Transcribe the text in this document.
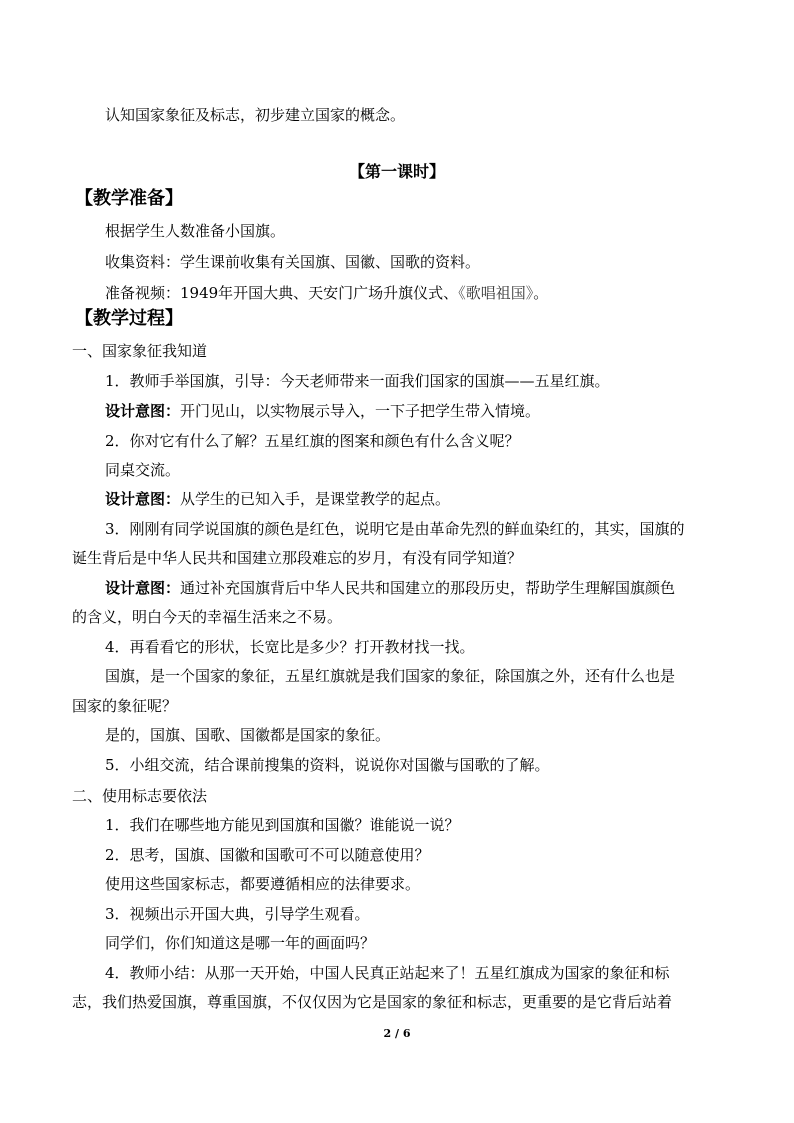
认知国家象征及标志，初步建立国家的概念。
【第一课时】
【教学准备】
根据学生人数准备小国旗。
收集资料：学生课前收集有关国旗、国徽、国歌的资料。
准备视频：1949年开国大典、天安门广场升旗仪式、《歌唱祖国》。
【教学过程】
一、国家象征我知道
1．教师手举国旗，引导：今天老师带来一面我们国家的国旗——五星红旗。
设计意图：开门见山，以实物展示导入，一下子把学生带入情境。
2．你对它有什么了解？五星红旗的图案和颜色有什么含义呢？
同桌交流。
设计意图：从学生的已知入手，是课堂教学的起点。
3．刚刚有同学说国旗的颜色是红色，说明它是由革命先烈的鲜血染红的，其实，国旗的
诞生背后是中华人民共和国建立那段难忘的岁月，有没有同学知道？
设计意图：通过补充国旗背后中华人民共和国建立的那段历史，帮助学生理解国旗颜色
的含义，明白今天的幸福生活来之不易。
4．再看看它的形状，长宽比是多少？打开教材找一找。
国旗，是一个国家的象征，五星红旗就是我们国家的象征，除国旗之外，还有什么也是
国家的象征呢？
是的，国旗、国歌、国徽都是国家的象征。
5．小组交流，结合课前搜集的资料，说说你对国徽与国歌的了解。
二、使用标志要依法
1．我们在哪些地方能见到国旗和国徽？谁能说一说？
2．思考，国旗、国徽和国歌可不可以随意使用？
使用这些国家标志，都要遵循相应的法律要求。
3．视频出示开国大典，引导学生观看。
同学们，你们知道这是哪一年的画面吗？
4．教师小结：从那一天开始，中国人民真正站起来了！五星红旗成为国家的象征和标
志，我们热爱国旗，尊重国旗，不仅仅因为它是国家的象征和标志，更重要的是它背后站着
2 / 6
